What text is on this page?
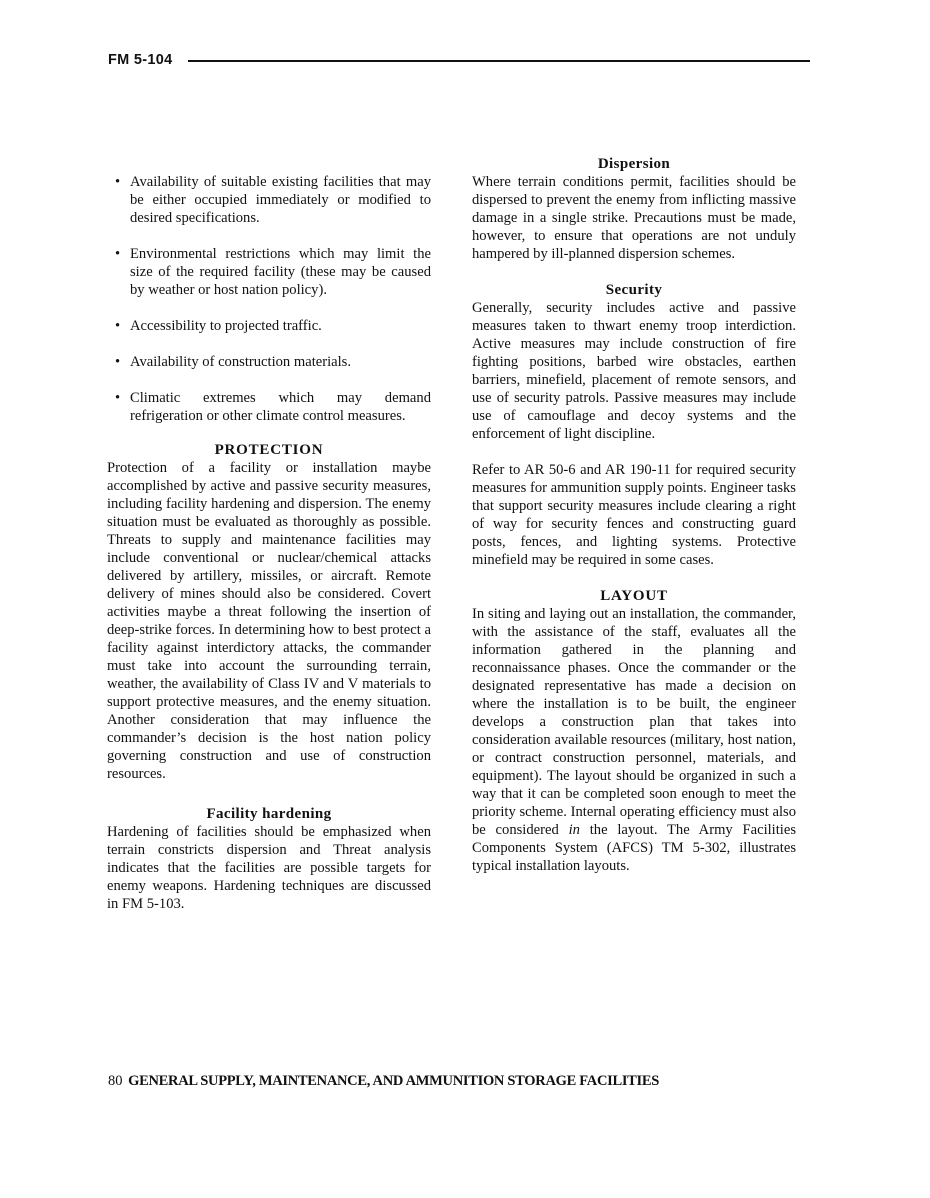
FM 5-104
• Availability of suitable existing facilities that may be either occupied immediately or modified to desired specifications.
• Environmental restrictions which may limit the size of the required facility (these may be caused by weather or host nation policy).
• Accessibility to projected traffic.
• Availability of construction materials.
• Climatic extremes which may demand refrigeration or other climate control measures.
PROTECTION

Protection of a facility or installation maybe accomplished by active and passive security measures, including facility hardening and dispersion. The enemy situation must be evaluated as thoroughly as possible. Threats to supply and maintenance facilities may include conventional or nuclear/chemical attacks delivered by artillery, missiles, or aircraft. Remote delivery of mines should also be considered. Covert activities maybe a threat following the insertion of deep-strike forces. In determining how to best protect a facility against interdictory attacks, the commander must take into account the surrounding terrain, weather, the availability of Class IV and V materials to support protective measures, and the enemy situation. Another consideration that may influence the commander’s decision is the host nation policy governing construction and use of construction resources.

Facility hardening

Hardening of facilities should be emphasized when terrain constricts dispersion and Threat analysis indicates that the facilities are possible targets for enemy weapons. Hardening techniques are discussed in FM 5-103.

Dispersion

Where terrain conditions permit, facilities should be dispersed to prevent the enemy from inflicting massive damage in a single strike. Precautions must be made, however, to ensure that operations are not unduly hampered by ill-planned dispersion schemes.

Security

Generally, security includes active and passive measures taken to thwart enemy troop interdiction. Active measures may include construction of fire fighting positions, barbed wire obstacles, earthen barriers, minefield, placement of remote sensors, and use of security patrols. Passive measures may include use of camouflage and decoy systems and the enforcement of light discipline.

Refer to AR 50-6 and AR 190-11 for required security measures for ammunition supply points. Engineer tasks that support security measures include clearing a right of way for security fences and constructing guard posts, fences, and lighting systems. Protective minefield may be required in some cases.

LAYOUT

In siting and laying out an installation, the commander, with the assistance of the staff, evaluates all the information gathered in the planning and reconnaissance phases. Once the commander or the designated representative has made a decision on where the installation is to be built, the engineer develops a construction plan that takes into consideration available resources (military, host nation, or contract construction personnel, materials, and equipment). The layout should be organized in such a way that it can be completed soon enough to meet the priority scheme. Internal operating efficiency must also be considered in the layout. The Army Facilities Components System (AFCS) TM 5-302, illustrates typical installation layouts.

80 GENERAL SUPPLY, MAINTENANCE, AND AMMUNITION STORAGE FACILITIES
